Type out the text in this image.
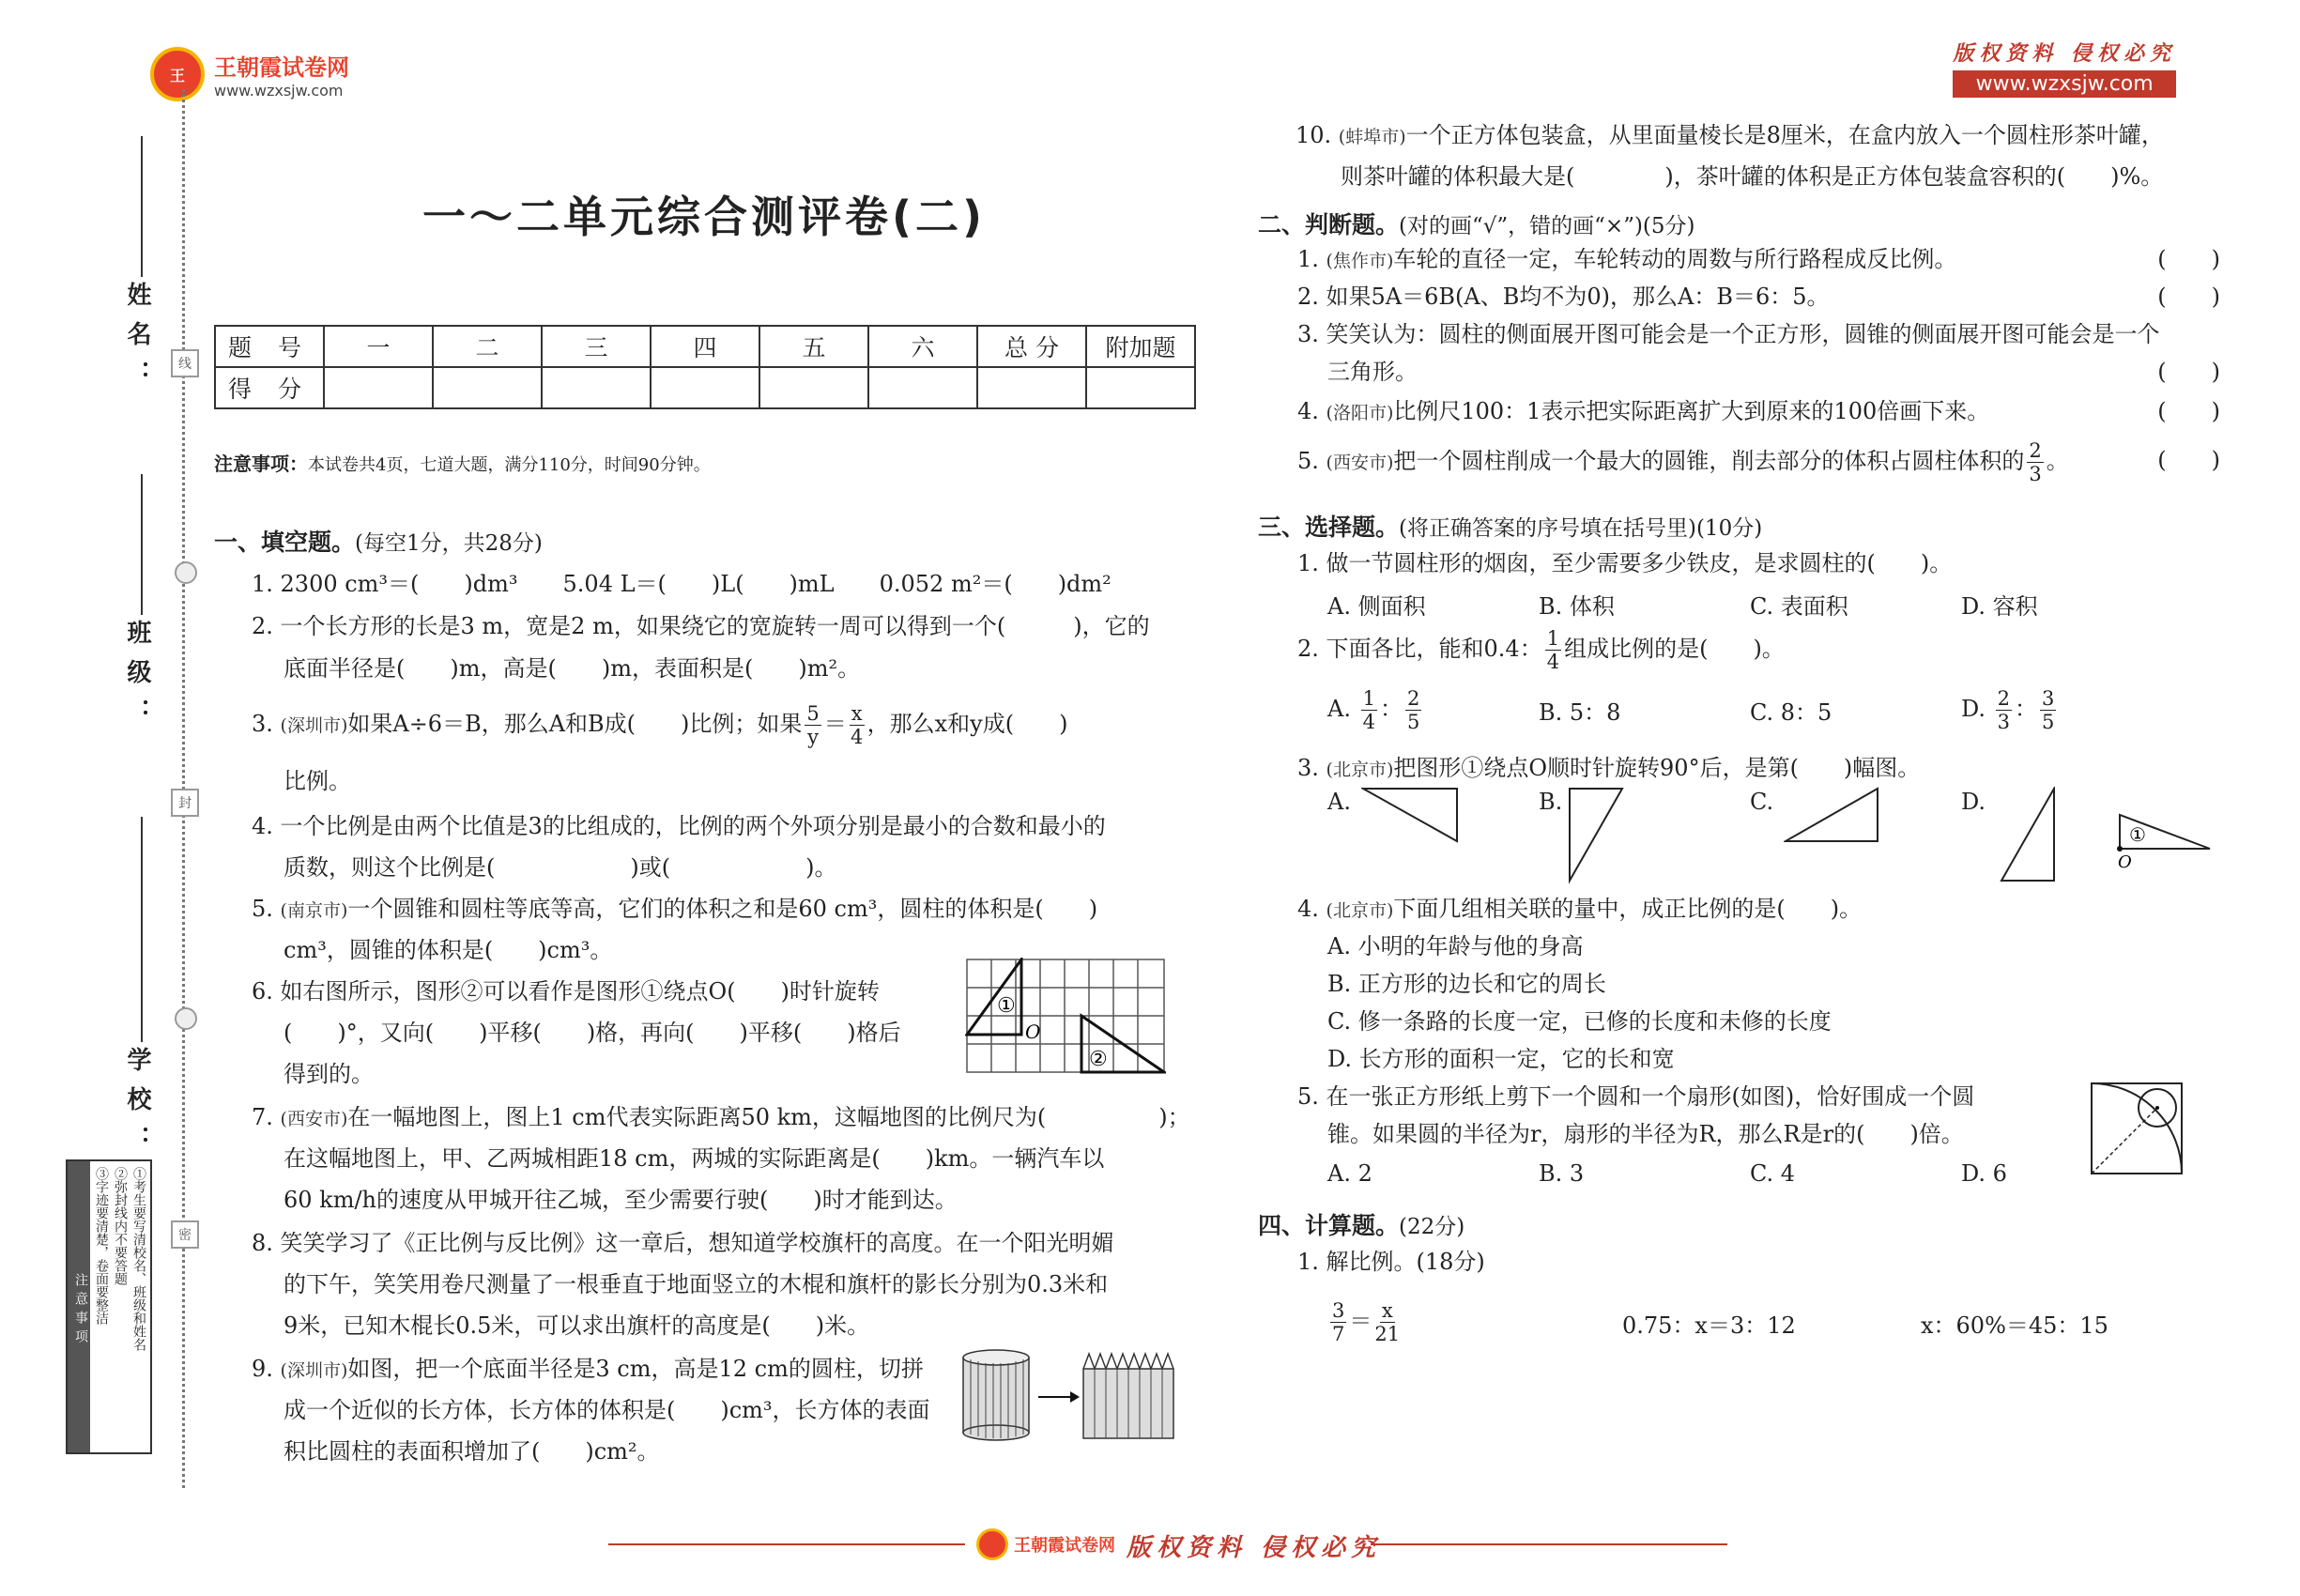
王	王朝霞试卷网
www.wzxsjw.com
版权资料 侵权必究
www.wzxsjw.com
线
封
密
姓名：
班级：
学校：
注意事项	①考生要写清校名、班级和姓名
②弥封线内不要答题
③字迹要清楚，卷面要整洁
一～二单元综合测评卷(二)
题 号	一	二	三	四	五	六	总 分	附加题
得 分								
注意事项：本试卷共4页，七道大题，满分110分，时间90分钟。
一、填空题。(每空1分，共28分)
1. 2300 cm³＝(　　)dm³　　5.04 L＝(　　)L(　　)mL　　0.052 m²＝(　　)dm²
2. 一个长方形的长是3 m，宽是2 m，如果绕它的宽旋转一周可以得到一个(　　　)，它的
底面半径是(　　)m，高是(　　)m，表面积是(　　)m²。
3. (深圳市)如果A÷6＝B，那么A和B成(　　)比例；如果 $\frac{5}{y} = \frac{x}{4}$ ，那么x和y成(　　)
比例。
4. 一个比例是由两个比值是3的比组成的，比例的两个外项分别是最小的合数和最小的
质数，则这个比例是(　　　　　　)或(　　　　　　)。
5. (南京市)一个圆锥和圆柱等底等高，它们的体积之和是60 cm³，圆柱的体积是(　　)
cm³，圆锥的体积是(　　)cm³。
6. 如右图所示，图形②可以看作是图形①绕点O(　　)时针旋转
(　　)°，又向(　　)平移(　　)格，再向(　　)平移(　　)格后
得到的。
①
O
②
7. (西安市)在一幅地图上，图上1 cm代表实际距离50 km，这幅地图的比例尺为(　　　　　)；
在这幅地图上，甲、乙两城相距18 cm，两城的实际距离是(　　)km。一辆汽车以
60 km/h的速度从甲城开往乙城，至少需要行驶(　　)时才能到达。
8. 笑笑学习了《正比例与反比例》这一章后，想知道学校旗杆的高度。在一个阳光明媚
的下午，笑笑用卷尺测量了一根垂直于地面竖立的木棍和旗杆的影长分别为0.3米和
9米，已知木棍长0.5米，可以求出旗杆的高度是(　　)米。
9. (深圳市)如图，把一个底面半径是3 cm，高是12 cm的圆柱，切拼
成一个近似的长方体，长方体的体积是(　　)cm³，长方体的表面
积比圆柱的表面积增加了(　　)cm²。
10. (蚌埠市)一个正方体包装盒，从里面量棱长是8厘米，在盒内放入一个圆柱形茶叶罐，
则茶叶罐的体积最大是(　　　　)，茶叶罐的体积是正方体包装盒容积的(　　)%。
二、判断题。(对的画“√”，错的画“×”)(5分)
1. (焦作市)车轮的直径一定，车轮转动的周数与所行路程成反比例。	(　　)
2. 如果5A＝6B(A、B均不为0)，那么A：B＝6：5。	(　　)
3. 笑笑认为：圆柱的侧面展开图可能会是一个正方形，圆锥的侧面展开图可能会是一个
三角形。	(　　)
4. (洛阳市)比例尺100：1表示把实际距离扩大到原来的100倍画下来。	(　　)
5. (西安市)把一个圆柱削成一个最大的圆锥，削去部分的体积占圆柱体积的 $\frac{2}{3}$ 。	(　　)
三、选择题。(将正确答案的序号填在括号里)(10分)
1. 做一节圆柱形的烟囱，至少需要多少铁皮，是求圆柱的(　　)。
A. 侧面积	B. 体积	C. 表面积	D. 容积
2. 下面各比，能和0.4： $\frac{1}{4}$ 组成比例的是(　　)。
A. $\frac{1}{4}$ ： $\frac{2}{5}$	B. 5：8	C. 8：5	D. $\frac{2}{3}$ ： $\frac{3}{5}$
3. (北京市)把图形①绕点O顺时针旋转90°后，是第(　　)幅图。
A.	B.	C.	D.
①
O
4. (北京市)下面几组相关联的量中，成正比例的是(　　)。
A. 小明的年龄与他的身高
B. 正方形的边长和它的周长
C. 修一条路的长度一定，已修的长度和未修的长度
D. 长方形的面积一定，它的长和宽
5. 在一张正方形纸上剪下一个圆和一个扇形(如图)，恰好围成一个圆
锥。如果圆的半径为r，扇形的半径为R，那么R是r的(　　)倍。
A. 2	B. 3	C. 4	D. 6
四、计算题。(22分)
1. 解比例。(18分)
$\frac{3}{7} = \frac{x}{21}$	0.75：x＝3：12	x：60%＝45：15
王朝霞试卷网 版权资料 侵权必究
